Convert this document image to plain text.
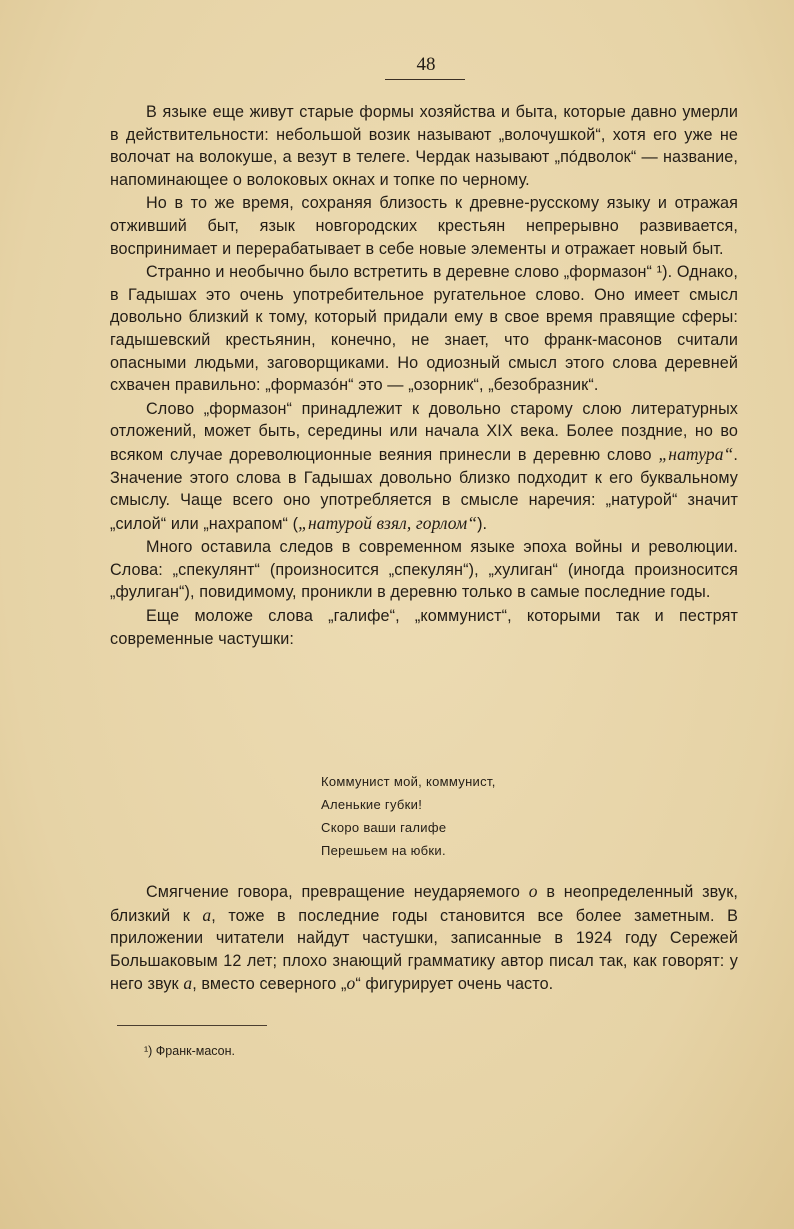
48

В языке еще живут старые формы хозяйства и быта, которые давно умерли в действительности: небольшой возик называют „волочушкой“, хотя его уже не волочат на волокуше, а везут в телеге. Чердак называют „пóдволок“ — название, напоминающее о волоковых окнах и топке по черному.

Но в то же время, сохраняя близость к древне-русскому языку и отражая отживший быт, язык новгородских крестьян непрерывно развивается, воспринимает и перерабатывает в себе новые элементы и отражает новый быт.

Странно и необычно было встретить в деревне слово „формазон“ ¹). Однако, в Гадышах это очень употребительное ругательное слово. Оно имеет смысл довольно близкий к тому, который придали ему в свое время правящие сферы: гадышевский крестьянин, конечно, не знает, что франк-масонов считали опасными людьми, заговорщиками. Но одиозный смысл этого слова деревней схвачен правильно: „формазóн“ это — „озорник“, „безобразник“.

Слово „формазон“ принадлежит к довольно старому слою литературных отложений, может быть, середины или начала XIX века. Более поздние, но во всяком случае дореволюционные веяния принесли в деревню слово „натура“. Значение этого слова в Гадышах довольно близко подходит к его буквальному смыслу. Чаще всего оно употребляется в смысле наречия: „натурой“ значит „силой“ или „нахрапом“ („натурой взял, горлом“).

Много оставила следов в современном языке эпоха войны и революции. Слова: „спекулянт“ (произносится „спекулян“), „хулиган“ (иногда произносится „фулиган“), повидимому, проникли в деревню только в самые последние годы.

Еще моложе слова „галифе“, „коммунист“, которыми так и пестрят современные частушки:

Коммунист мой, коммунист,
Аленькие губки!
Скоро ваши галифе
Перешьем на юбки.

Смягчение говора, превращение неударяемого о в неопределенный звук, близкий к а, тоже в последние годы становится все более заметным. В приложении читатели найдут частушки, записанные в 1924 году Сережей Большаковым 12 лет; плохо знающий грамматику автор писал так, как говорят: у него звук а, вместо северного „о“ фигурирует очень часто.

¹) Франк-масон.
